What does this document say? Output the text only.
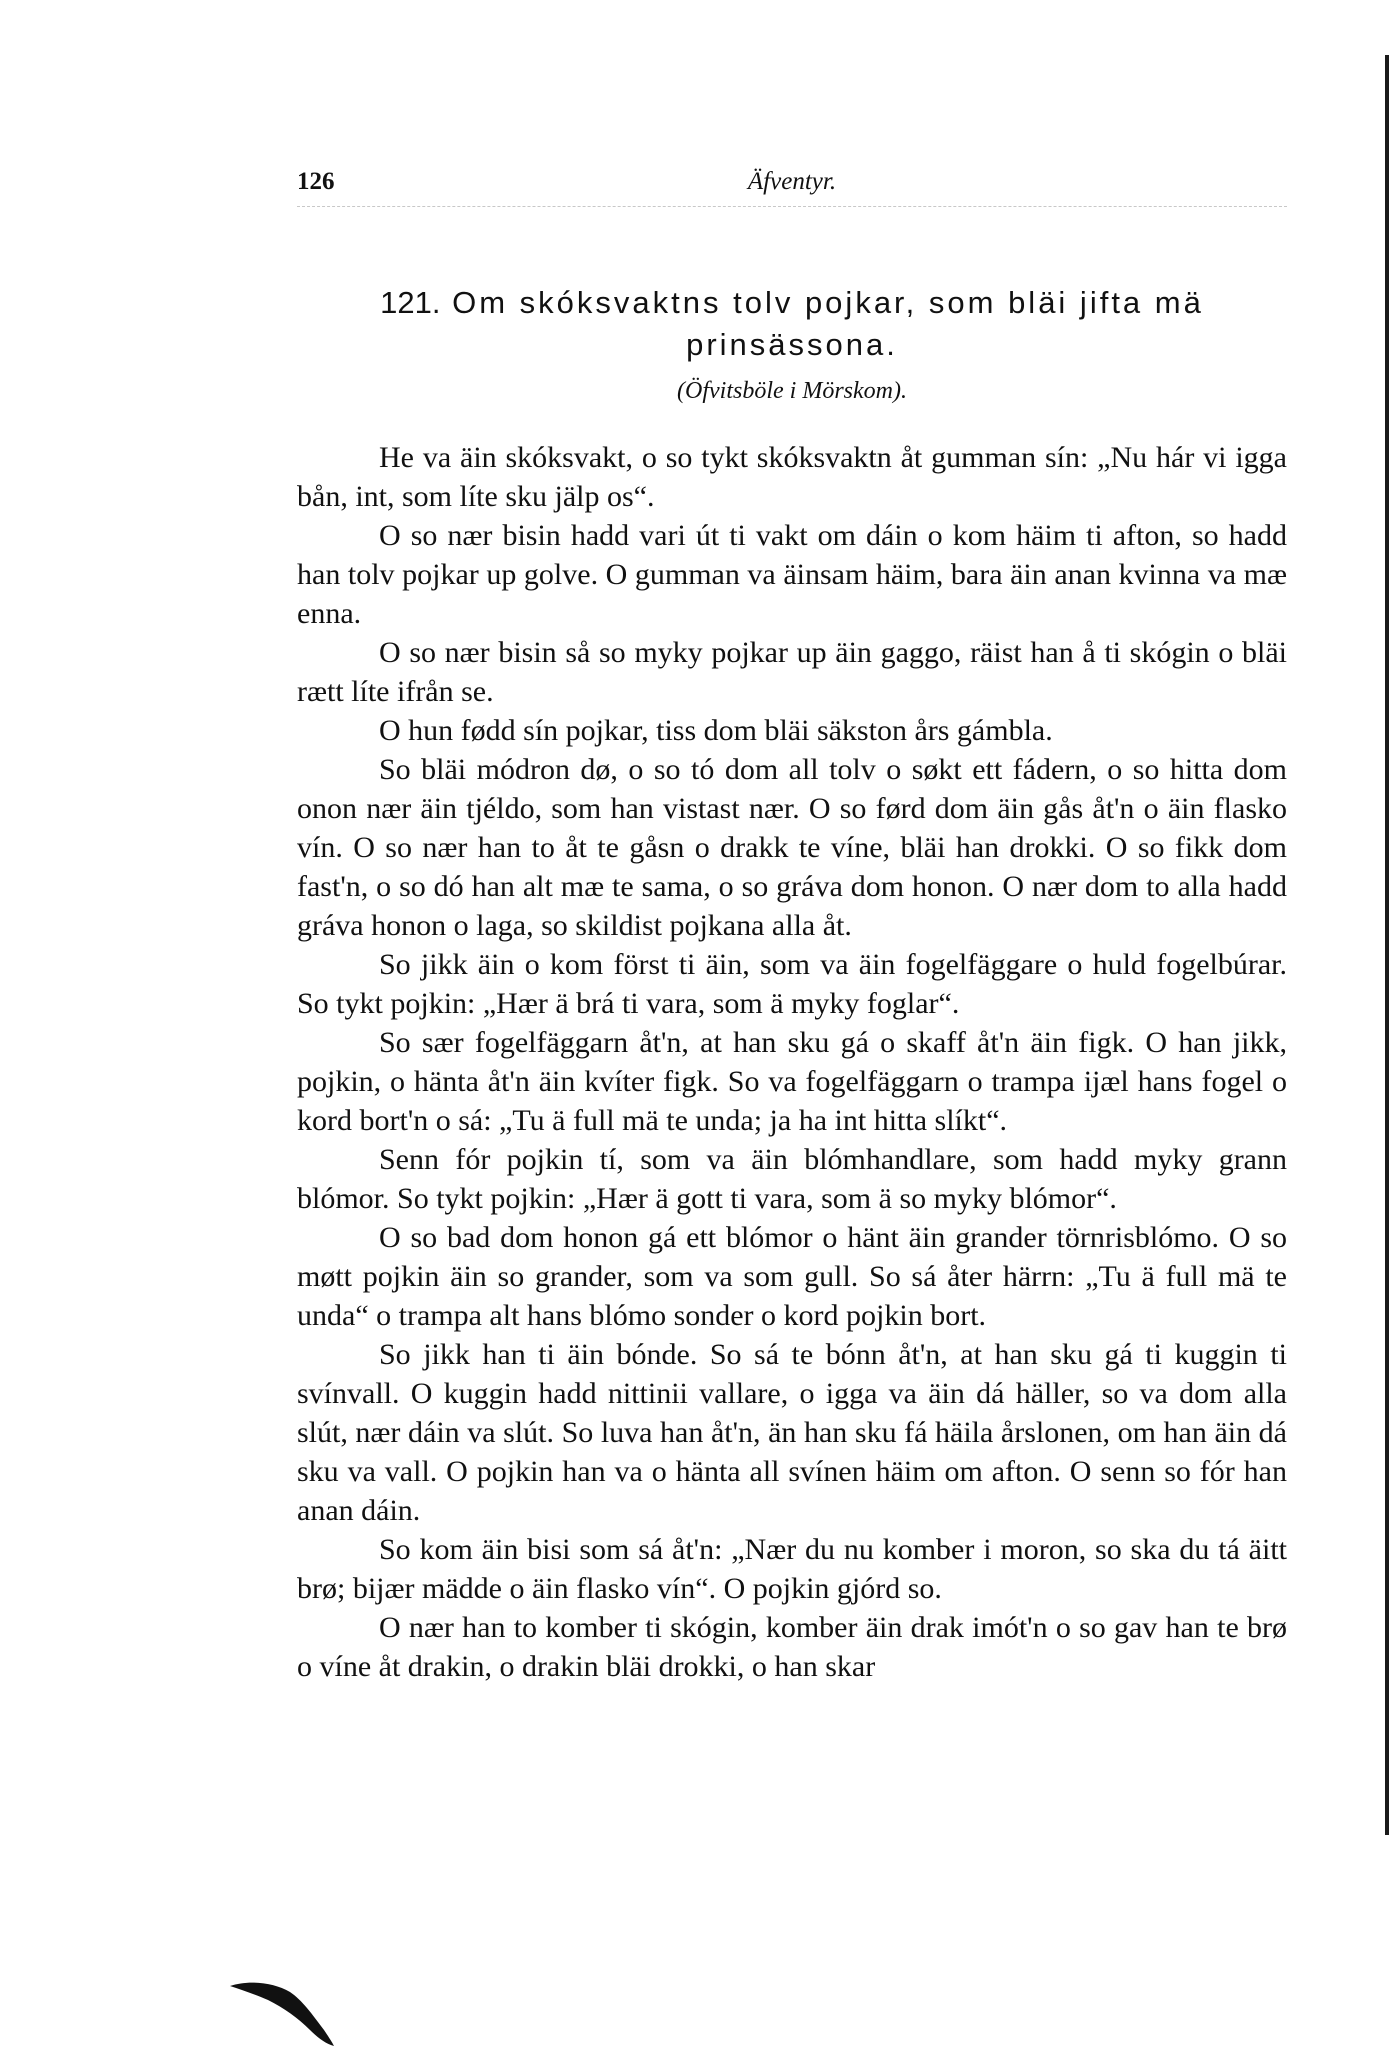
126	Äfventyr.
121. Om skóksvaktns tolv pojkar, som bläi jifta mä
prinsässona.
(Öfvitsböle i Mörskom).

He va äin skóksvakt, o so tykt skóksvaktn åt gumman sín: „Nu hár vi igga bån, int, som líte sku jälp os“.

O so nær bisin hadd vari út ti vakt om dáin o kom häim ti afton, so hadd han tolv pojkar up golve. O gumman va äinsam häim, bara äin anan kvinna va mæ enna.

O so nær bisin så so myky pojkar up äin gaggo, räist han å ti skógin o bläi rætt líte ifrån se.

O hun fødd sín pojkar, tiss dom bläi säkston års gámbla.

So bläi módron dø, o so tó dom all tolv o søkt ett fádern, o so hitta dom onon nær äin tjéldo, som han vistast nær. O so førd dom äin gås åt'n o äin flasko vín. O so nær han to åt te gåsn o drakk te víne, bläi han drokki. O so fikk dom fast'n, o so dó han alt mæ te sama, o so gráva dom honon. O nær dom to alla hadd gráva honon o laga, so skildist pojkana alla åt.

So jikk äin o kom först ti äin, som va äin fogelfäggare o huld fogelbúrar. So tykt pojkin: „Hær ä brá ti vara, som ä myky foglar“.

So sær fogelfäggarn åt'n, at han sku gá o skaff åt'n äin figk. O han jikk, pojkin, o hänta åt'n äin kvíter figk. So va fogelfäggarn o trampa ijæl hans fogel o kord bort'n o sá: „Tu ä full mä te unda; ja ha int hitta slíkt“.

Senn fór pojkin tí, som va äin blómhandlare, som hadd myky grann blómor. So tykt pojkin: „Hær ä gott ti vara, som ä so myky blómor“.

O so bad dom honon gá ett blómor o hänt äin grander törnrisblómo. O so møtt pojkin äin so grander, som va som gull. So sá åter härrn: „Tu ä full mä te unda“ o trampa alt hans blómo sonder o kord pojkin bort.

So jikk han ti äin bónde. So sá te bónn åt'n, at han sku gá ti kuggin ti svínvall. O kuggin hadd nittinii vallare, o igga va äin dá häller, so va dom alla slút, nær dáin va slút. So luva han åt'n, än han sku fá häila årslonen, om han äin dá sku va vall. O pojkin han va o hänta all svínen häim om afton. O senn so fór han anan dáin.

So kom äin bisi som sá åt'n: „Nær du nu komber i moron, so ska du tá äitt brø; bijær mädde o äin flasko vín“. O pojkin gjórd so.

O nær han to komber ti skógin, komber äin drak imót'n o so gav han te brø o víne åt drakin, o drakin bläi drokki, o han skar
